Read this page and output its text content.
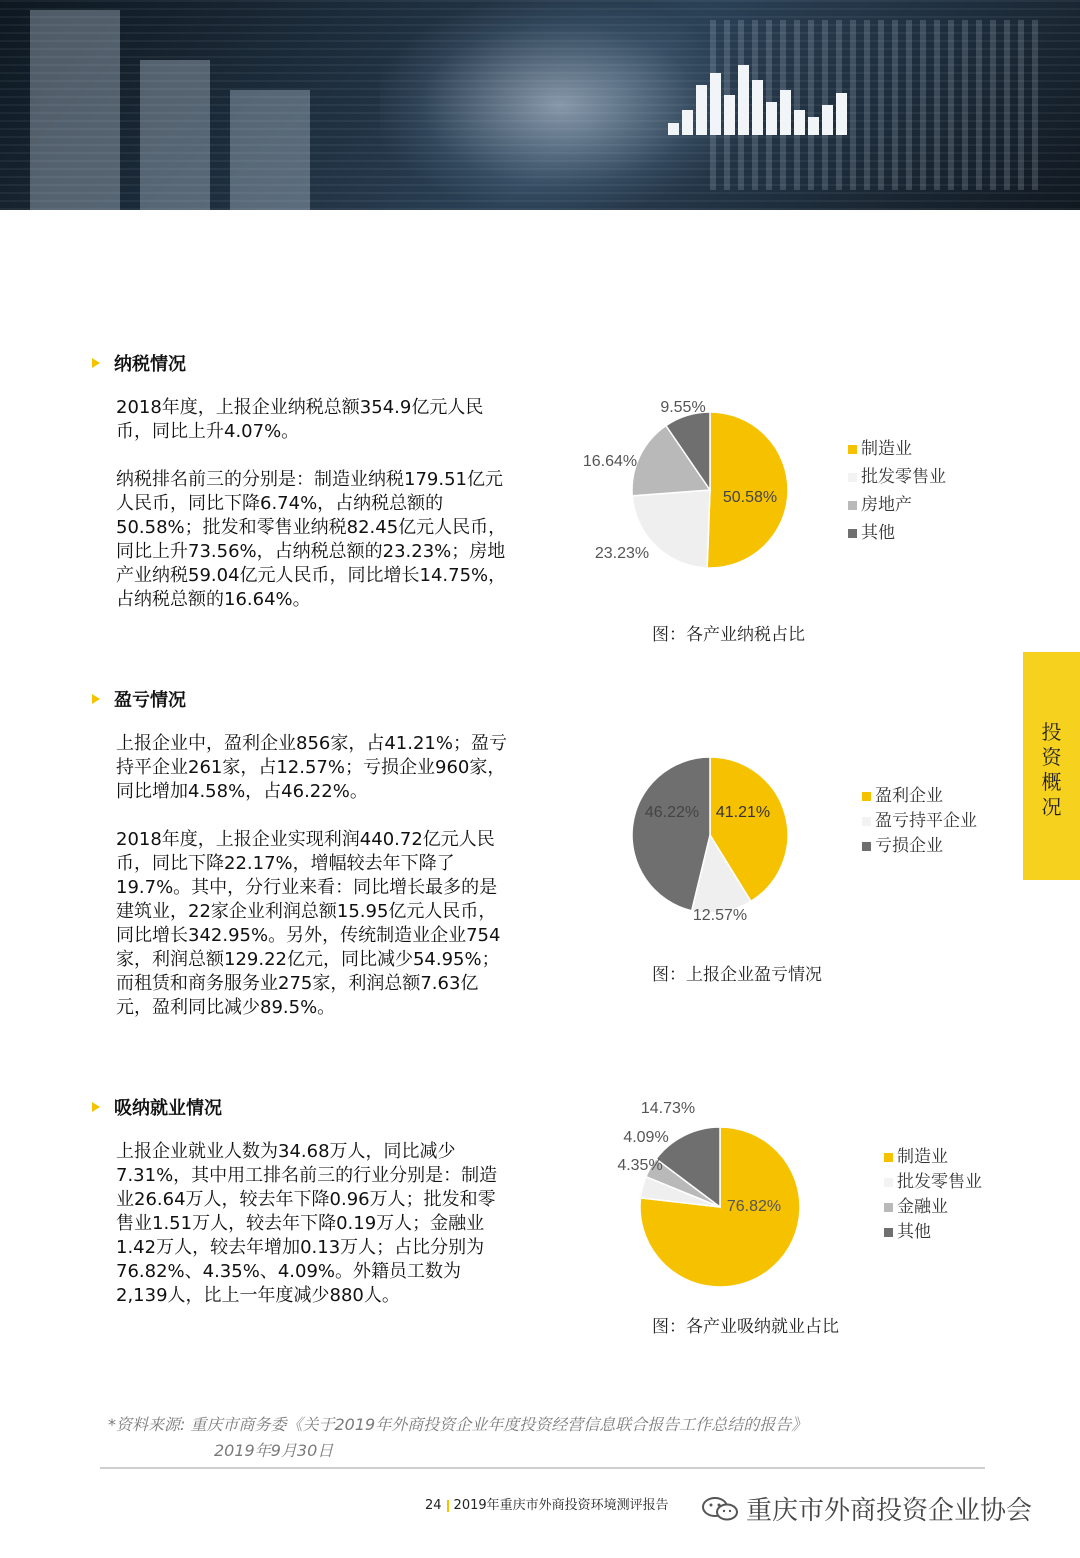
纳税情况

2018年度，上报企业纳税总额354.9亿元人民币，同比上升4.07%。

纳税排名前三的分别是：制造业纳税179.51亿元人民币，同比下降6.74%，占纳税总额的50.58%；批发和零售业纳税82.45亿元人民币，同比上升73.56%，占纳税总额的23.23%；房地产业纳税59.04亿元人民币，同比增长14.75%，占纳税总额的16.64%。

50.58%
23.23%
16.64%
9.55%
制造业
批发零售业
房地产
其他
图：各产业纳税占比
盈亏情况

上报企业中，盈利企业856家，占41.21%；盈亏持平企业261家，占12.57%；亏损企业960家，同比增加4.58%，占46.22%。

2018年度，上报企业实现利润440.72亿元人民币，同比下降22.17%，增幅较去年下降了19.7%。其中，分行业来看：同比增长最多的是建筑业，22家企业利润总额15.95亿元人民币，同比增长342.95%。另外，传统制造业企业754家，利润总额129.22亿元，同比减少54.95%；而租赁和商务服务业275家，利润总额7.63亿元，盈利同比减少89.5%。

41.21%
12.57%
46.22%
盈利企业
盈亏持平企业
亏损企业
图：上报企业盈亏情况
吸纳就业情况

上报企业就业人数为34.68万人，同比减少7.31%，其中用工排名前三的行业分别是：制造业26.64万人，较去年下降0.96万人；批发和零售业1.51万人，较去年下降0.19万人；金融业1.42万人，较去年增加0.13万人；占比分别为76.82%、4.35%、4.09%。外籍员工数为2,139人，比上一年度减少880人。

76.82%
4.35%
4.09%
14.73%
制造业
批发零售业
金融业
其他
图：各产业吸纳就业占比
投
资
概
况
*资料来源: 重庆市商务委《关于2019年外商投资企业年度投资经营信息联合报告工作总结的报告》
2019年9月30日
24 2019年重庆市外商投资环境测评报告	重庆市外商投资企业协会
